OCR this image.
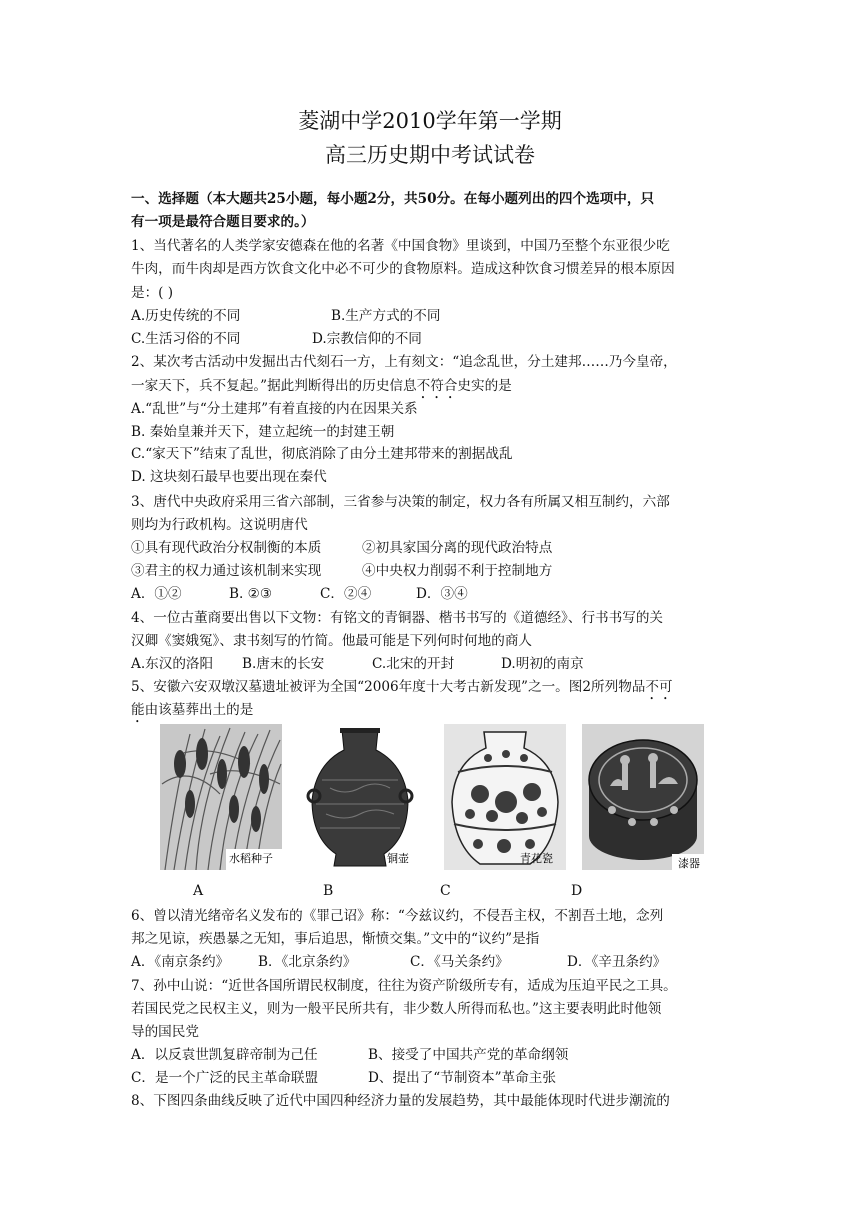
菱湖中学2010学年第一学期
高三历史期中考试试卷
一、选择题（本大题共25小题，每小题2分，共50分。在每小题列出的四个选项中，只
有一项是最符合题目要求的。）
1、当代著名的人类学家安德森在他的名著《中国食物》里谈到，中国乃至整个东亚很少吃
牛肉，而牛肉却是西方饮食文化中必不可少的食物原料。造成这种饮食习惯差异的根本原因
是：( )
A.历史传统的不同	B.生产方式的不同
C.生活习俗的不同	D.宗教信仰的不同
2、某次考古活动中发掘出古代刻石一方，上有刻文：“追念乱世，分土建邦……乃今皇帝，
一家天下，兵不复起。”据此判断得出的历史信息不符合史实的是
A.“乱世”与“分土建邦”有着直接的内在因果关系
B. 秦始皇兼并天下，建立起统一的封建王朝
C.“家天下”结束了乱世，彻底消除了由分土建邦带来的割据战乱
D. 这块刻石最早也要出现在秦代
3、唐代中央政府采用三省六部制，三省参与决策的制定，权力各有所属又相互制约，六部
则均为行政机构。这说明唐代
①具有现代政治分权制衡的本质	②初具家国分离的现代政治特点
③君主的权力通过该机制来实现	④中央权力削弱不利于控制地方
A．①②	B. ②③	C．②④	D．③④
4、一位古董商要出售以下文物：有铭文的青铜器、楷书书写的《道德经》、行书书写的关
汉卿《窦娥冤》、隶书刻写的竹简。他最可能是下列何时何地的商人
A.东汉的洛阳 B.唐末的长安	C.北宋的开封	D.明初的南京
5、安徽六安双墩汉墓遗址被评为全国“2006年度十大考古新发现”之一。图2所列物品不可
能由该墓葬出土的是
水稻种子	铜壶	青花瓷	漆器
A	B	C	D
6、曾以清光绪帝名义发布的《罪己诏》称：“今兹议约，不侵吾主权，不割吾土地，念列
邦之见谅，疾愚暴之无知，事后追思，惭愤交集。”文中的“议约”是指
A．《南京条约》 B．《北京条约》	C．《马关条约》	D．《辛丑条约》
7、孙中山说：“近世各国所谓民权制度，往往为资产阶级所专有，适成为压迫平民之工具。
若国民党之民权主义，则为一般平民所共有，非少数人所得而私也。”这主要表明此时他领
导的国民党
A．以反袁世凯复辟帝制为己任	B、接受了中国共产党的革命纲领
C．是一个广泛的民主革命联盟	D、提出了“节制资本”革命主张
8、下图四条曲线反映了近代中国四种经济力量的发展趋势，其中最能体现时代进步潮流的
